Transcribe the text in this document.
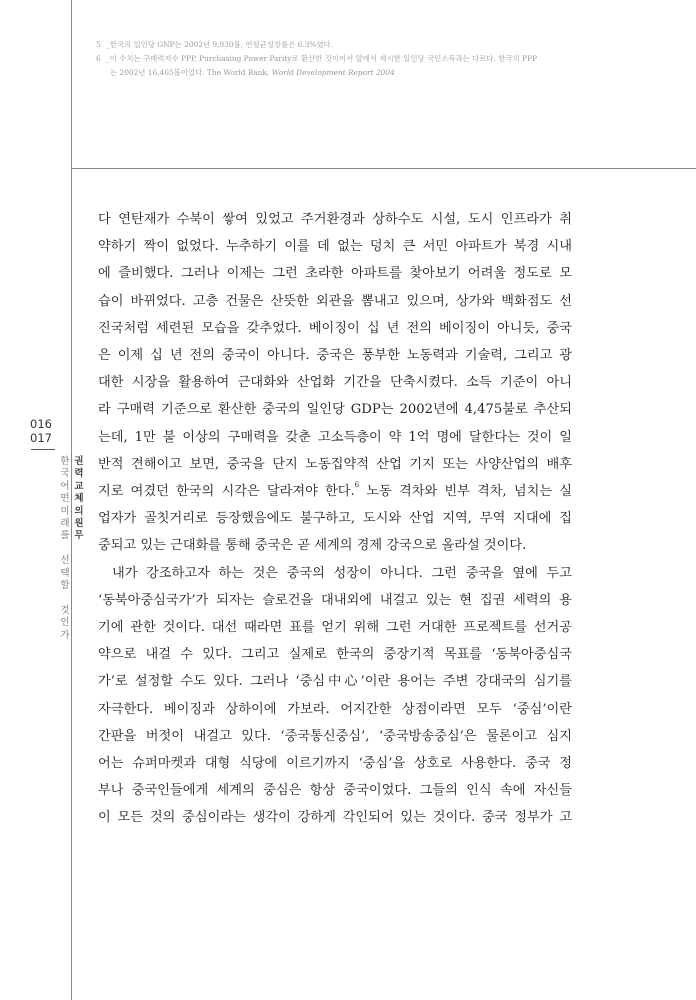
5 _한국의 일인당 GNP는 2002년 9,930불, 연평균성장률은 6.3%였다.
6 _이 수치는 구매력지수 PPP, Purchasing Power Parity로 환산한 것이어서 앞에서 제시한 일인당 국민소득과는 다르다. 한국의 PPP
는 2002년 16,465불이었다. The World Bank, World Development Report 2004
016
017
한
국
어
떤
미
래
를

선
택
할

것
인
가
권
력
교
체
의
원
무
다 연탄재가 수북이 쌓여 있었고 주거환경과 상하수도 시설, 도시 인프라가 취
약하기 짝이 없었다. 누추하기 이를 데 없는 덩치 큰 서민 아파트가 북경 시내
에 즐비했다. 그러나 이제는 그런 초라한 아파트를 찾아보기 어려울 정도로 모
습이 바뀌었다. 고층 건물은 산뜻한 외관을 뽐내고 있으며, 상가와 백화점도 선
진국처럼 세련된 모습을 갖추었다. 베이징이 십 년 전의 베이징이 아니듯, 중국
은 이제 십 년 전의 중국이 아니다. 중국은 풍부한 노동력과 기술력, 그리고 광
대한 시장을 활용하여 근대화와 산업화 기간을 단축시켰다. 소득 기준이 아니
라 구매력 기준으로 환산한 중국의 일인당 GDP는 2002년에 4,475불로 추산되
는데, 1만 불 이상의 구매력을 갖춘 고소득층이 약 1억 명에 달한다는 것이 일
반적 견해이고 보면, 중국을 단지 노동집약적 산업 기지 또는 사양산업의 배후
지로 여겼던 한국의 시각은 달라져야 한다.$^6$ 노동 격차와 빈부 격차, 넘치는 실
업자가 골칫거리로 등장했음에도 불구하고, 도시와 산업 지역, 무역 지대에 집
중되고 있는 근대화를 통해 중국은 곧 세계의 경제 강국으로 올라설 것이다.
내가 강조하고자 하는 것은 중국의 성장이 아니다. 그런 중국을 옆에 두고
‘동북아중심국가’가 되자는 슬로건을 대내외에 내걸고 있는 현 집권 세력의 용
기에 관한 것이다. 대선 때라면 표를 얻기 위해 그런 거대한 프로젝트를 선거공
약으로 내걸 수 있다. 그리고 실제로 한국의 중장기적 목표를 ‘동북아중심국
가’로 설정할 수도 있다. 그러나 ‘중심中心’이란 용어는 주변 강대국의 심기를
자극한다. 베이징과 상하이에 가보라. 어지간한 상점이라면 모두 ‘중심’이란
간판을 버젓이 내걸고 있다. ‘중국통신중심’, ‘중국방송중심’은 물론이고 심지
어는 슈퍼마켓과 대형 식당에 이르기까지 ‘중심’을 상호로 사용한다. 중국 정
부나 중국인들에게 세계의 중심은 항상 중국이었다. 그들의 인식 속에 자신들
이 모든 것의 중심이라는 생각이 강하게 각인되어 있는 것이다. 중국 정부가 고
